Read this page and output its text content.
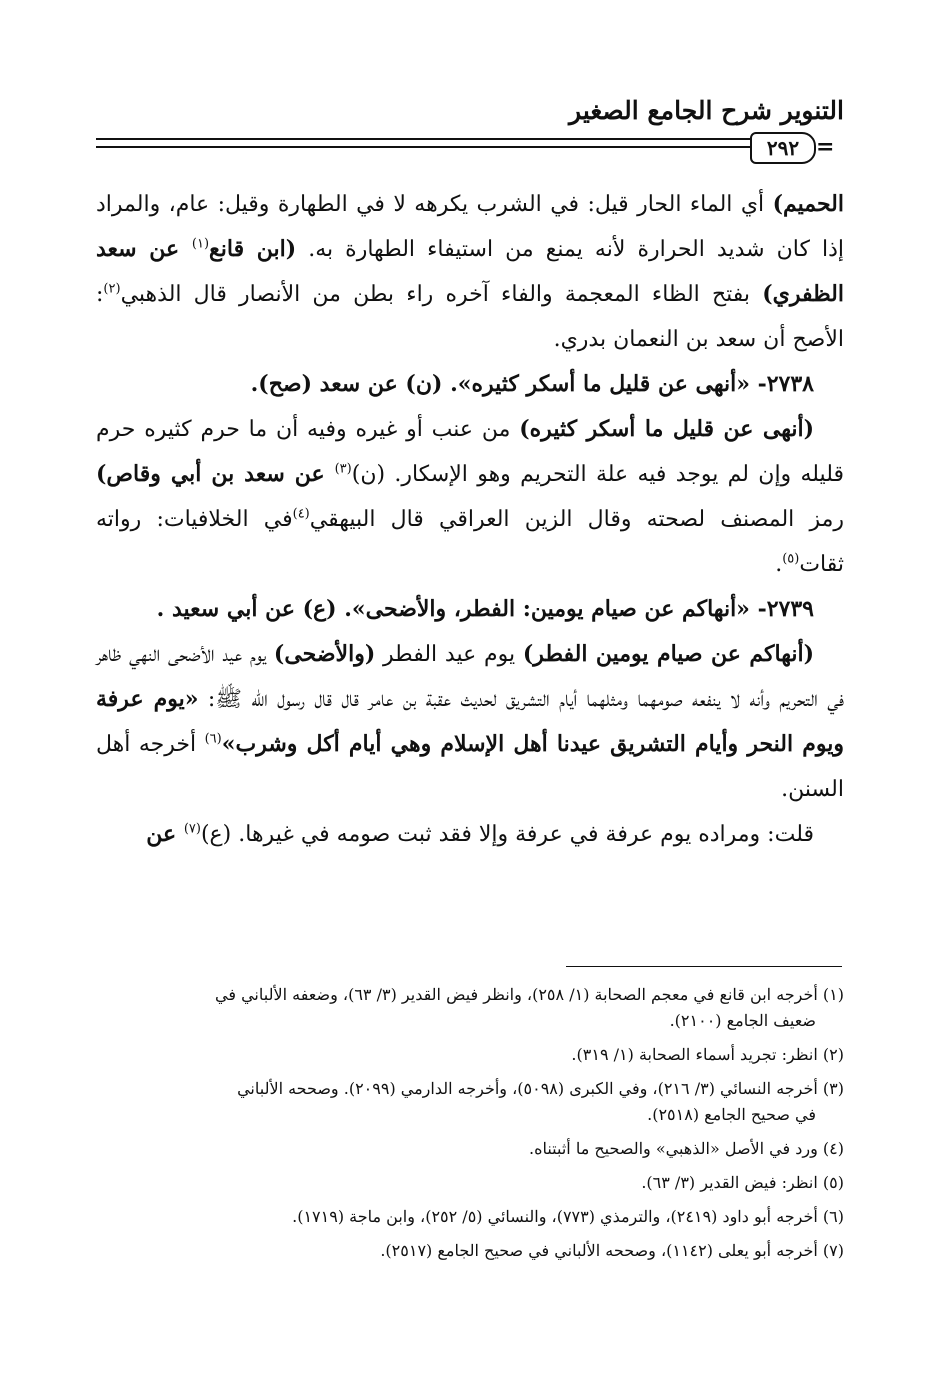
التنوير شرح الجامع الصغير
=
٢٩٢

الحميم) أي الماء الحار قيل: في الشرب يكرهه لا في الطهارة وقيل: عام، والمراد إذا كان شديد الحرارة لأنه يمنع من استيفاء الطهارة به. (ابن قانع$^{(١)}$ عن سعد الظفري) بفتح الظاء المعجمة والفاء آخره راء بطن من الأنصار قال الذهبي$^{(٢)}$: الأصح أن سعد بن النعمان بدري.

٢٧٣٨- «أنهى عن قليل ما أسكر كثيره». (ن) عن سعد (صح).

(أنهى عن قليل ما أسكر كثيره) من عنب أو غيره وفيه أن ما حرم كثيره حرم قليله وإن لم يوجد فيه علة التحريم وهو الإسكار. (ن)$^{(٣)}$ عن سعد بن أبي وقاص) رمز المصنف لصحته وقال الزين العراقي قال البيهقي$^{(٤)}$في الخلافيات: رواته ثقات$^{(٥)}$.

٢٧٣٩- «أنهاكم عن صيام يومين: الفطر، والأضحى». (ع) عن أبي سعيد .

(أنهاكم عن صيام يومين الفطر) يوم عيد الفطر (والأضحى) يوم عيد الأضحى النهي ظاهر في التحريم وأنه لا ينفعه صومهما ومثلهما أيام التشريق لحديث عقبة بن عامر قال قال رسول الله ﷺ: «يوم عرفة ويوم النحر وأيام التشريق عيدنا أهل الإسلام وهي أيام أكل وشرب»$^{(٦)}$ أخرجه أهل السنن.

قلت: ومراده يوم عرفة في عرفة وإلا فقد ثبت صومه في غيرها. (ع)$^{(٧)}$ عن

(١) أخرجه ابن قانع في معجم الصحابة (١/ ٢٥٨)، وانظر فيض القدير (٣/ ٦٣)، وضعفه الألباني في
ضعيف الجامع (٢١٠٠).

(٢) انظر: تجريد أسماء الصحابة (١/ ٣١٩).

(٣) أخرجه النسائي (٣/ ٢١٦)، وفي الكبرى (٥٠٩٨)، وأخرجه الدارمي (٢٠٩٩). وصححه الألباني
في صحيح الجامع (٢٥١٨).

(٤) ورد في الأصل «الذهبي» والصحيح ما أثبتناه.

(٥) انظر: فيض القدير (٣/ ٦٣).

(٦) أخرجه أبو داود (٢٤١٩)، والترمذي (٧٧٣)، والنسائي (٥/ ٢٥٢)، وابن ماجة (١٧١٩).

(٧) أخرجه أبو يعلى (١١٤٢)، وصححه الألباني في صحيح الجامع (٢٥١٧).
